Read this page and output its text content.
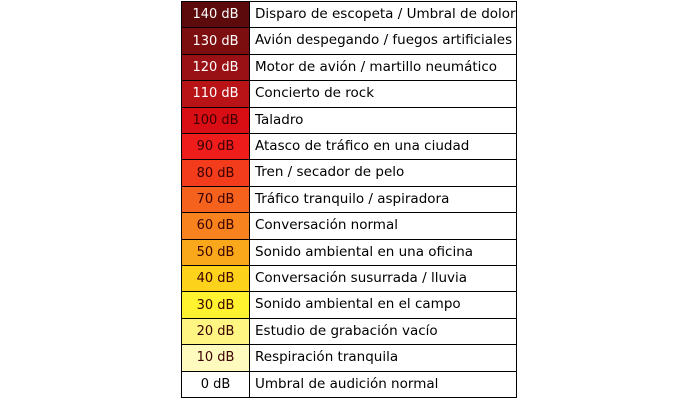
140 dB	Disparo de escopeta / Umbral de dolor
130 dB	Avión despegando / fuegos artificiales
120 dB	Motor de avión / martillo neumático
110 dB	Concierto de rock
100 dB	Taladro
90 dB	Atasco de tráfico en una ciudad
80 dB	Tren / secador de pelo
70 dB	Tráfico tranquilo / aspiradora
60 dB	Conversación normal
50 dB	Sonido ambiental en una oficina
40 dB	Conversación susurrada / lluvia
30 dB	Sonido ambiental en el campo
20 dB	Estudio de grabación vacío
10 dB	Respiración tranquila
0 dB	Umbral de audición normal
